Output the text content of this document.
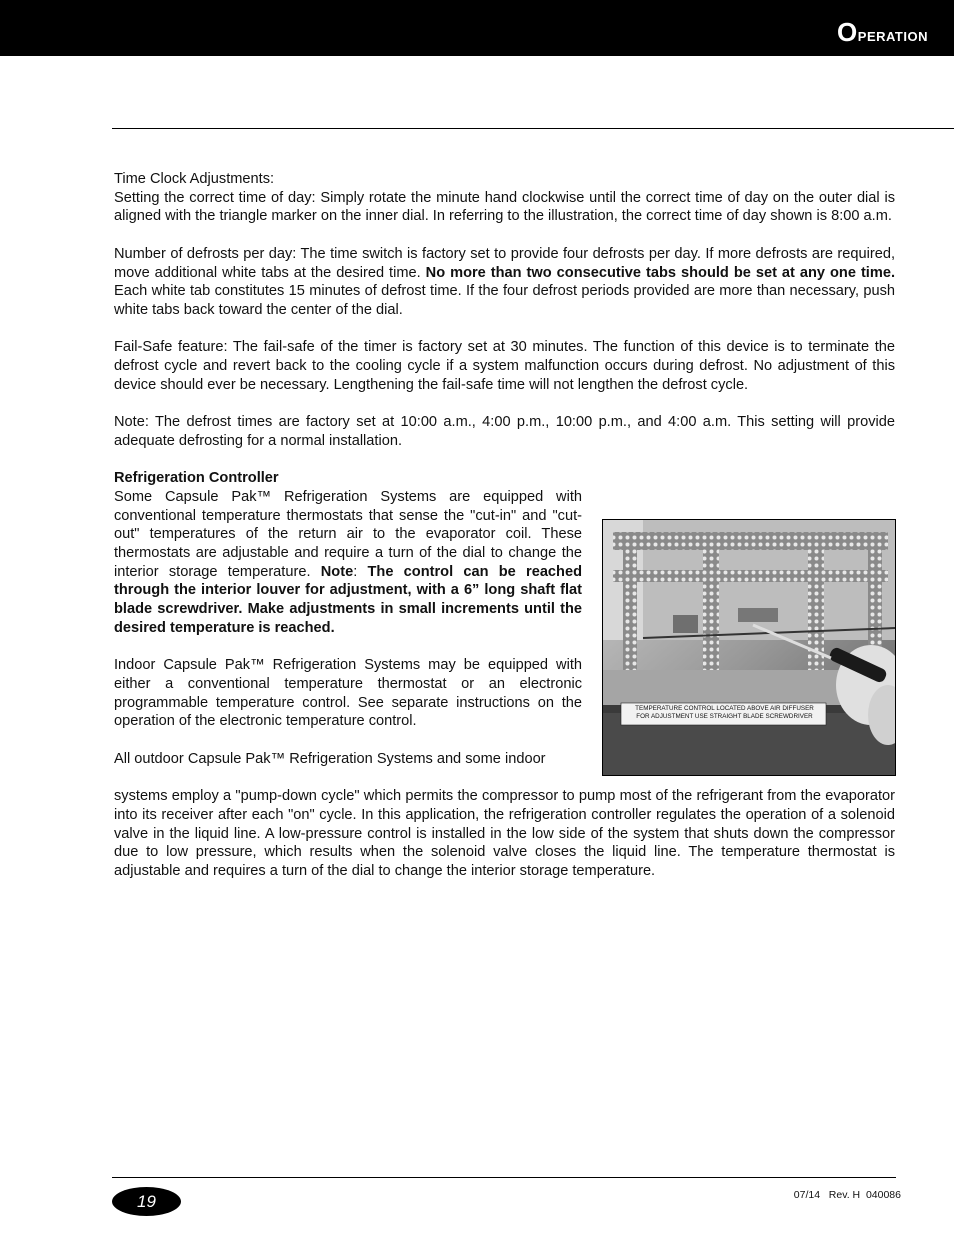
Operation

Time Clock Adjustments:
Setting the correct time of day: Simply rotate the minute hand clockwise until the correct time of day on the outer dial is aligned with the triangle marker on the inner dial. In referring to the illustration, the correct time of day shown is 8:00 a.m.

Number of defrosts per day: The time switch is factory set to provide four defrosts per day. If more defrosts are required, move additional white tabs at the desired time. No more than two consecutive tabs should be set at any one time. Each white tab constitutes 15 minutes of defrost time. If the four defrost periods provided are more than necessary, push white tabs back toward the center of the dial.

Fail-Safe feature: The fail-safe of the timer is factory set at 30 minutes. The function of this device is to terminate the defrost cycle and revert back to the cooling cycle if a system malfunction occurs during defrost. No adjustment of this device should ever be necessary. Lengthening the fail-safe time will not lengthen the defrost cycle.

Note: The defrost times are factory set at 10:00 a.m., 4:00 p.m., 10:00 p.m., and 4:00 a.m. This setting will provide adequate defrosting for a normal installation.

Refrigeration Controller
Some Capsule Pak™ Refrigeration Systems are equipped with conventional temperature thermostats that sense the "cut-in" and "cut-out" temperatures of the return air to the evaporator coil. These thermostats are adjustable and require a turn of the dial to change the interior storage temperature. Note: The control can be reached through the interior louver for adjustment, with a 6” long shaft flat blade screwdriver. Make adjustments in small increments until the desired temperature is reached.

Indoor Capsule Pak™ Refrigeration Systems may be equipped with either a conventional temperature thermostat or an electronic programmable temperature control. See separate instructions on the operation of the electronic temperature control.

All outdoor Capsule Pak™ Refrigeration Systems and some indoor

systems employ a "pump-down cycle" which permits the compressor to pump most of the refrigerant from the evaporator into its receiver after each "on" cycle. In this application, the refrigeration controller regulates the operation of a solenoid valve in the liquid line. A low-pressure control is installed in the low side of the system that shuts down the compressor due to low pressure, which results when the solenoid valve closes the liquid line. The temperature thermostat is adjustable and requires a turn of the dial to change the interior storage temperature.

TEMPERATURE CONTROL LOCATED ABOVE AIR DIFFUSER
FOR ADJUSTMENT USE STRAIGHT BLADE SCREWDRIVER
19	07/14   Rev. H  040086
